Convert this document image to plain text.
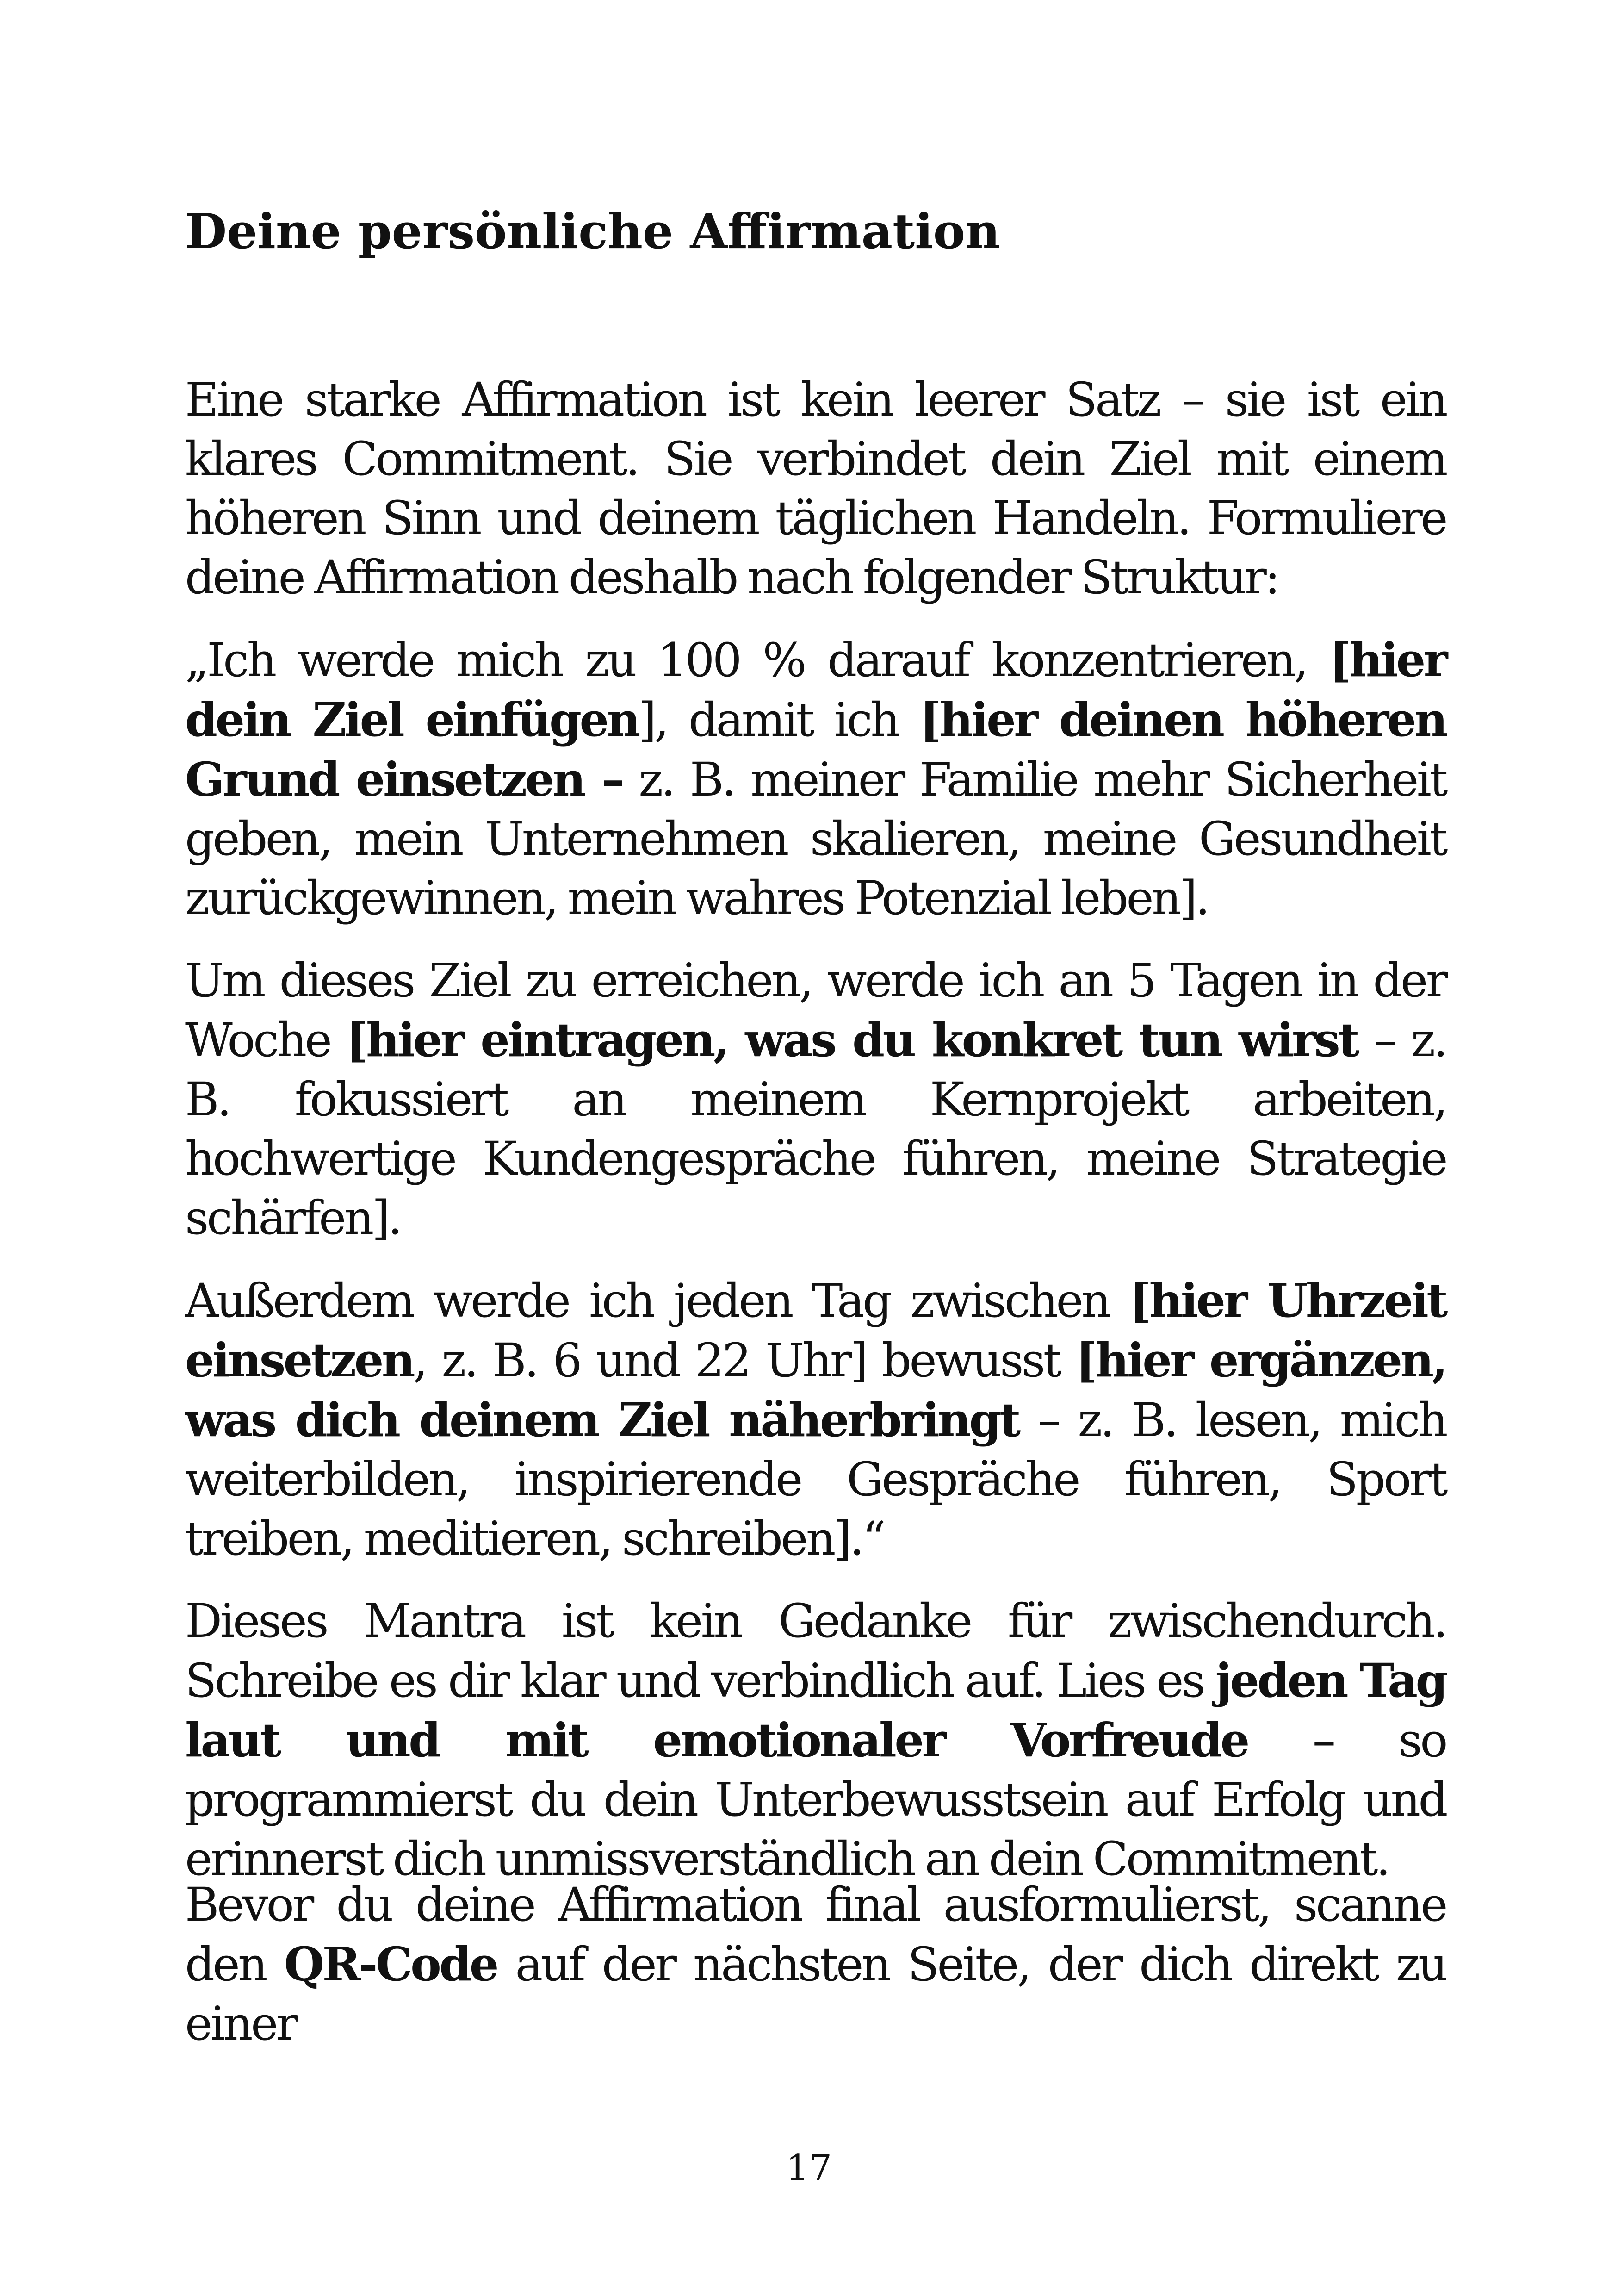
Deine persönliche Affirmation

Eine starke Affirmation ist kein leerer Satz – sie ist ein klares Commitment. Sie verbindet dein Ziel mit einem höheren Sinn und deinem täglichen Handeln. Formuliere deine Affirmation deshalb nach folgender Struktur:

„Ich werde mich zu 100 % darauf konzentrieren, [hier dein Ziel einfügen], damit ich [hier deinen höheren Grund einsetzen – z. B. meiner Familie mehr Sicherheit geben, mein Unternehmen skalieren, meine Gesundheit zurückgewinnen, mein wahres Potenzial leben].

Um dieses Ziel zu erreichen, werde ich an 5 Tagen in der Woche [hier eintragen, was du konkret tun wirst – z. B. fokussiert an meinem Kernprojekt arbeiten, hochwertige Kundengespräche führen, meine Strategie schärfen].

Außerdem werde ich jeden Tag zwischen [hier Uhrzeit einsetzen, z. B. 6 und 22 Uhr] bewusst [hier ergänzen, was dich deinem Ziel näherbringt – z. B. lesen, mich weiterbilden, inspirierende Gespräche führen, Sport treiben, meditieren, schreiben].“

Dieses Mantra ist kein Gedanke für zwischendurch. Schreibe es dir klar und verbindlich auf. Lies es jeden Tag laut und mit emotionaler Vorfreude – so programmierst du dein Unterbewusstsein auf Erfolg und erinnerst dich unmissverständlich an dein Commitment.

Bevor du deine Affirmation final ausformulierst, scanne den QR-Code auf der nächsten Seite, der dich direkt zu einer

17
